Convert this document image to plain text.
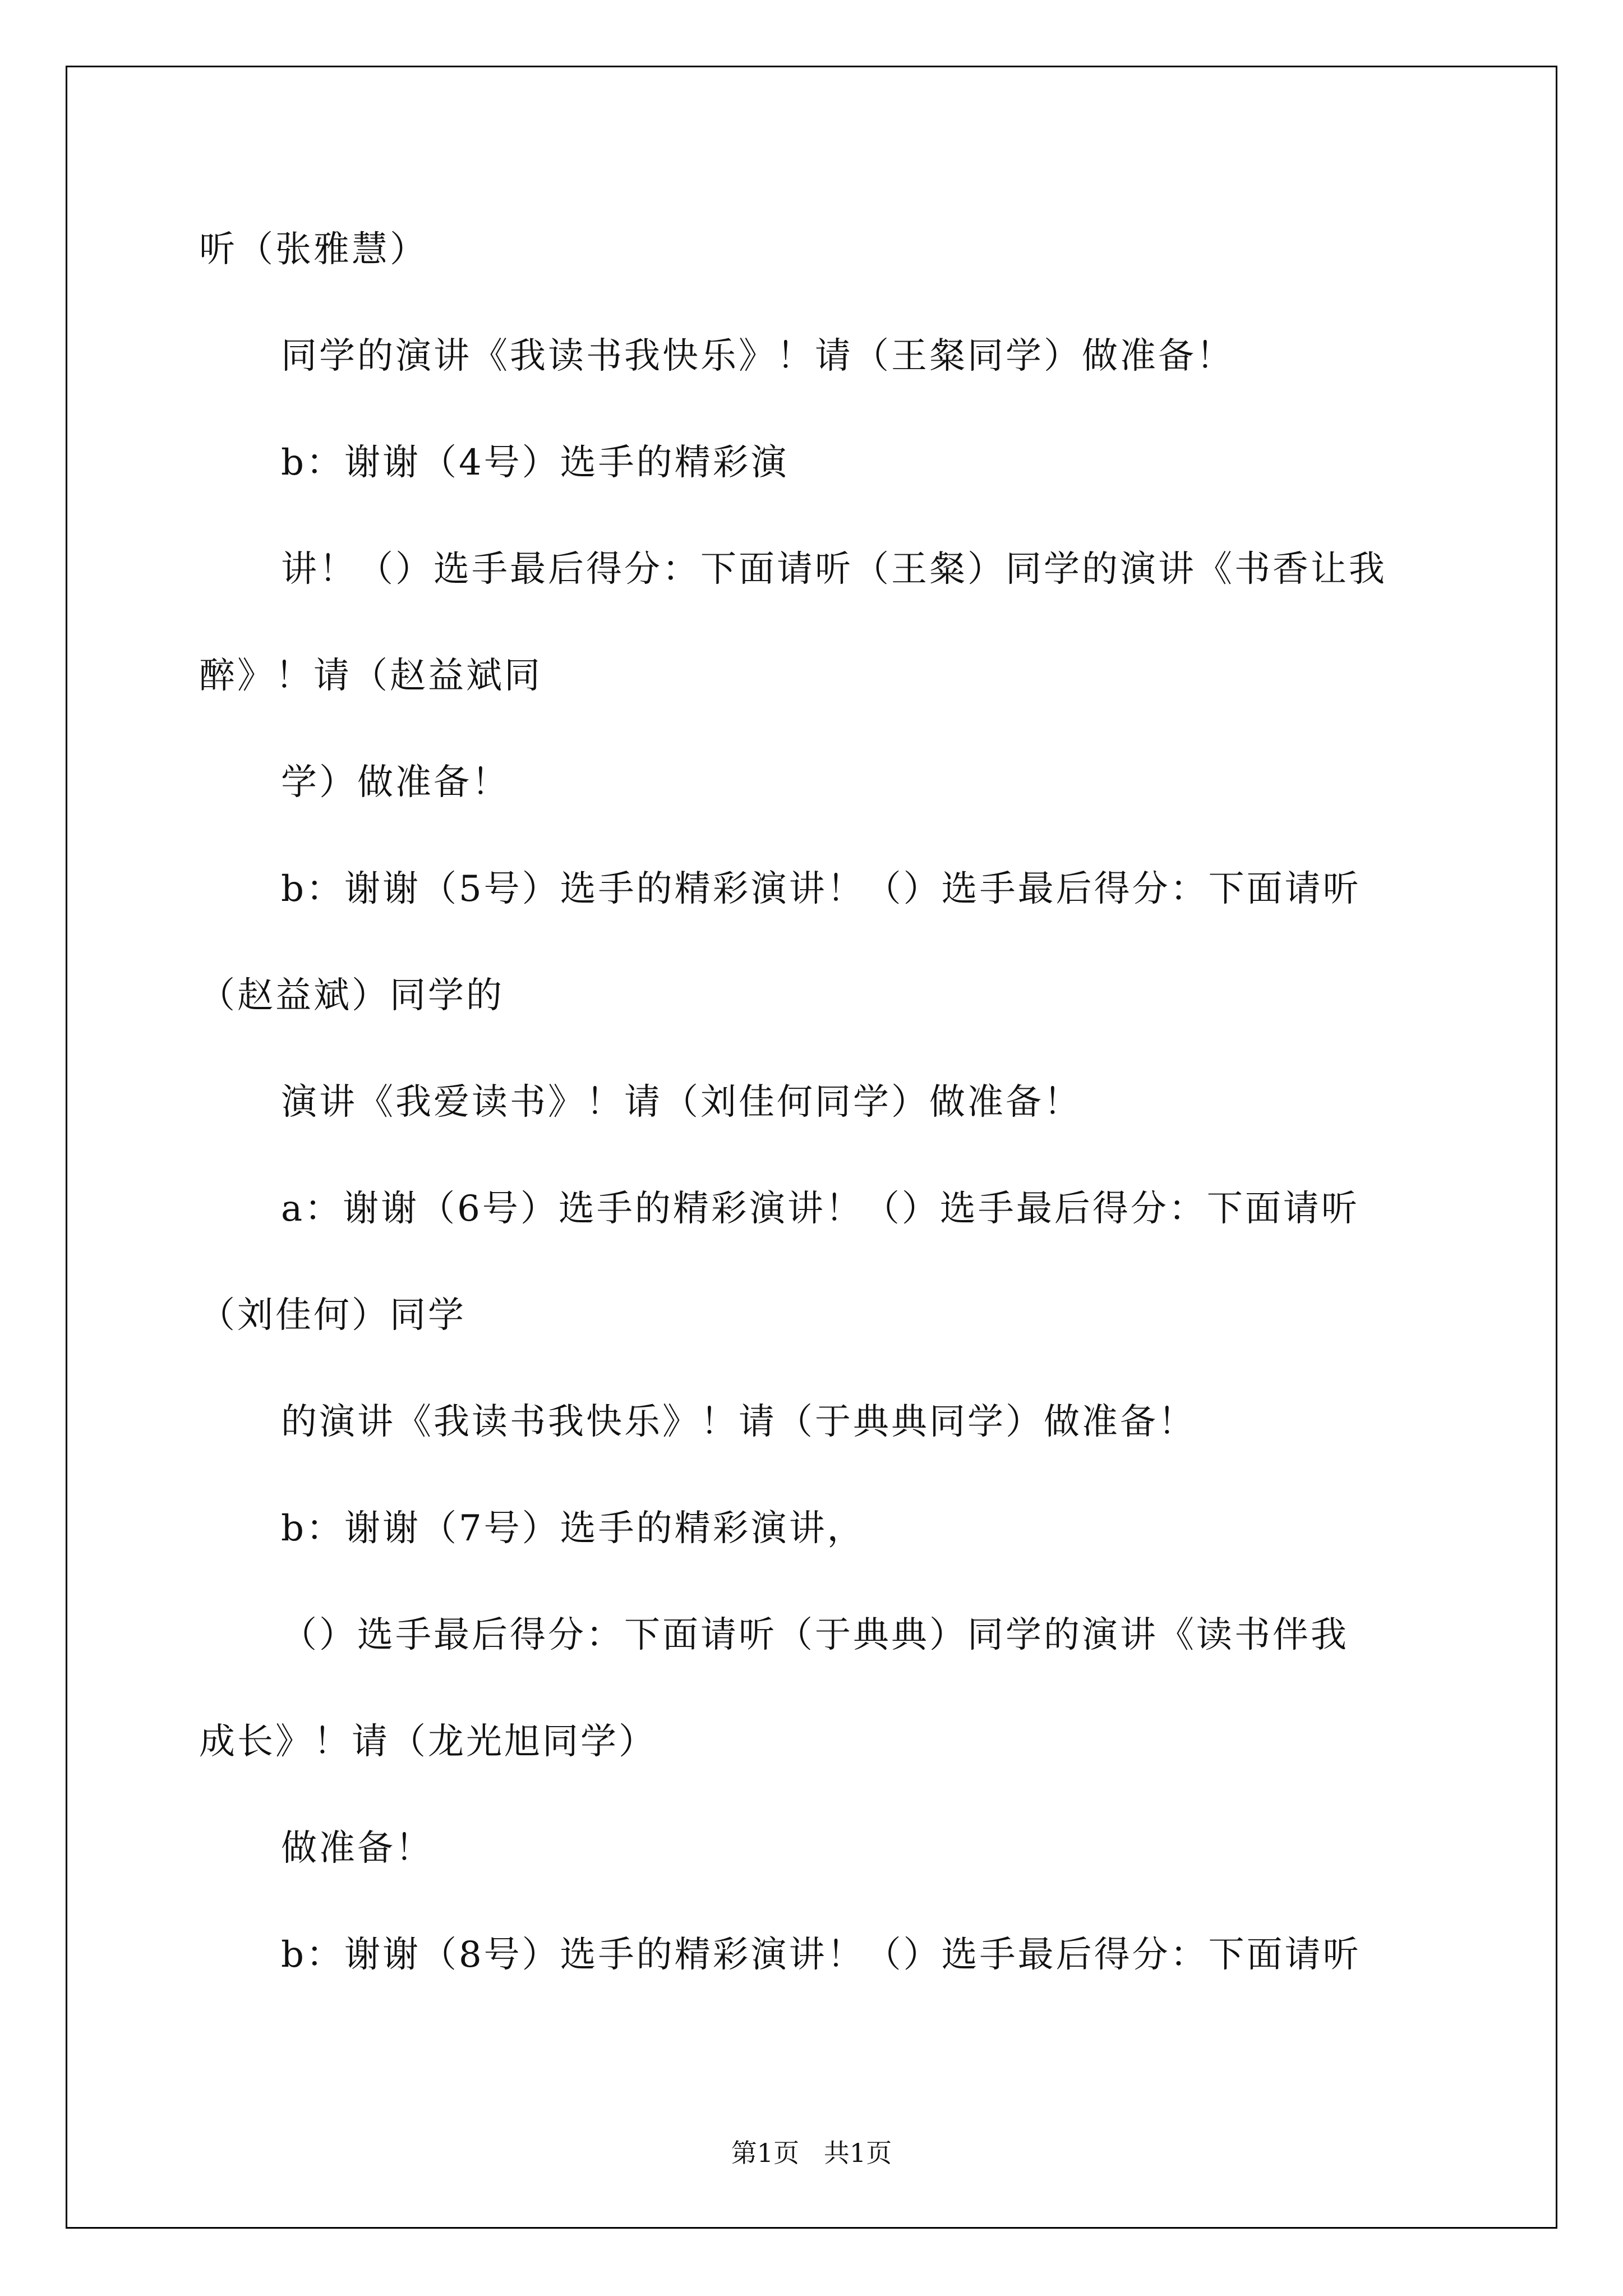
听（张雅慧）
同学的演讲《我读书我快乐》！请（王粲同学）做准备！
b：谢谢（4号）选手的精彩演
讲！（）选手最后得分：下面请听（王粲）同学的演讲《书香让我
醉》！请（赵益斌同
学）做准备！
b：谢谢（5号）选手的精彩演讲！（）选手最后得分：下面请听
（赵益斌）同学的
演讲《我爱读书》！请（刘佳何同学）做准备！
a：谢谢（6号）选手的精彩演讲！（）选手最后得分：下面请听
（刘佳何）同学
的演讲《我读书我快乐》！请（于典典同学）做准备！
b：谢谢（7号）选手的精彩演讲，
（）选手最后得分：下面请听（于典典）同学的演讲《读书伴我
成长》！请（龙光旭同学）
做准备！
b：谢谢（8号）选手的精彩演讲！（）选手最后得分：下面请听
第1页   共1页
